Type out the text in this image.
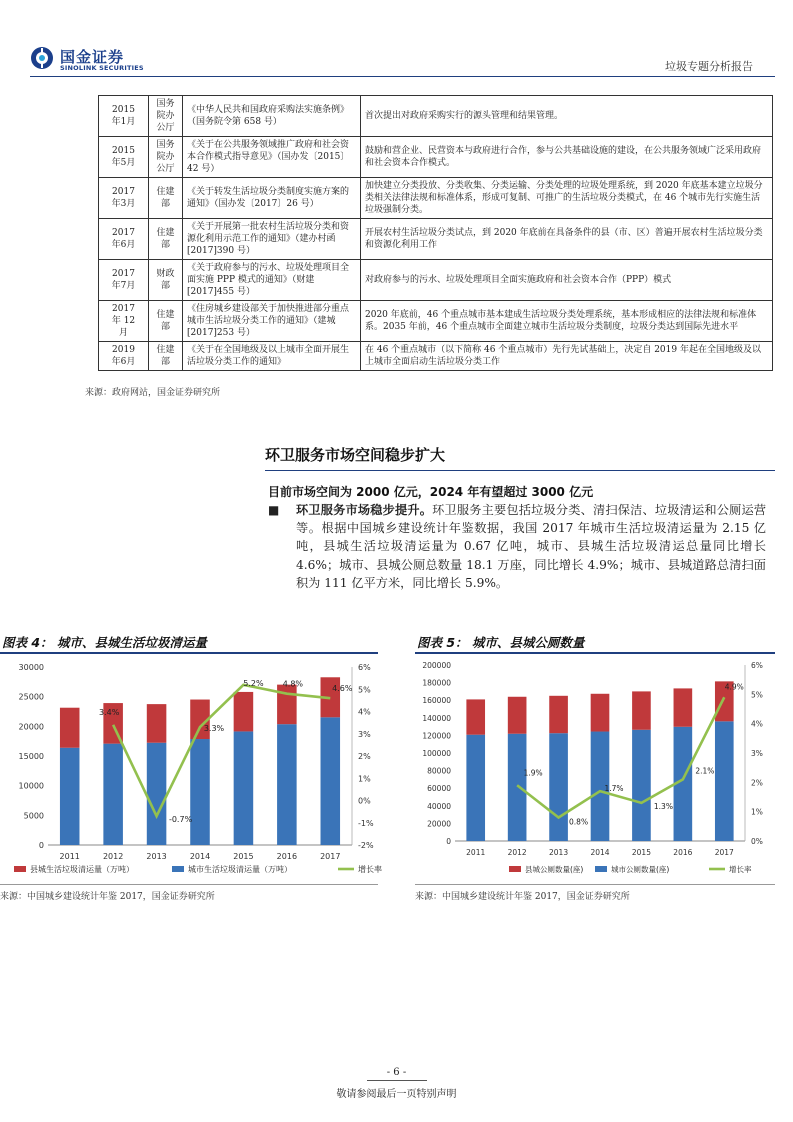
国金证券
SINOLINK SECURITIES	垃圾专题分析报告
2015
年1月	国务
院办
公厅	《中华人民共和国政府采购法实施条例》（国务院令第 658 号）	首次提出对政府采购实行的源头管理和结果管理。
2015
年5月	国务
院办
公厅	《关于在公共服务领域推广政府和社会资本合作模式指导意见》（国办发〔2015〕42 号）	鼓励和营企业、民营资本与政府进行合作，参与公共基础设施的建设，在公共服务领域广泛采用政府和社会资本合作模式。
2017
年3月	住建
部	《关于转发生活垃圾分类制度实施方案的通知》（国办发〔2017〕26 号）	加快建立分类投放、分类收集、分类运输、分类处理的垃圾处理系统，到 2020 年底基本建立垃圾分类相关法律法规和标准体系，形成可复制、可推广的生活垃圾分类模式，在 46 个城市先行实施生活垃圾强制分类。
2017
年6月	住建
部	《关于开展第一批农村生活垃圾分类和资源化利用示范工作的通知》（建办村函[2017]390 号）	开展农村生活垃圾分类试点，到 2020 年底前在具备条件的县（市、区）普遍开展农村生活垃圾分类和资源化利用工作
2017
年7月	财政
部	《关于政府参与的污水、垃圾处理项目全面实施 PPP 模式的通知》（财建[2017]455 号）	对政府参与的污水、垃圾处理项目全面实施政府和社会资本合作（PPP）模式
2017
年 12
月	住建
部	《住房城乡建设部关于加快推进部分重点城市生活垃圾分类工作的通知》（建城[2017]253 号）	2020 年底前，46 个重点城市基本建成生活垃圾分类处理系统，基本形成相应的法律法规和标准体系。2035 年前，46 个重点城市全面建立城市生活垃圾分类制度，垃圾分类达到国际先进水平
2019
年6月	住建
部	《关于在全国地级及以上城市全面开展生活垃圾分类工作的通知》	在 46 个重点城市（以下简称 46 个重点城市）先行先试基础上，决定自 2019 年起在全国地级及以上城市全面启动生活垃圾分类工作
来源：政府网站，国金证券研究所
环卫服务市场空间稳步扩大
目前市场空间为 2000 亿元，2024 年有望超过 3000 亿元
■ 环卫服务市场稳步提升。环卫服务主要包括垃圾分类、清扫保洁、垃圾清运和公厕运营等。根据中国城乡建设统计年鉴数据，我国 2017 年城市生活垃圾清运量为 2.15 亿吨，县城生活垃圾清运量为 0.67 亿吨，城市、县城生活垃圾清运总量同比增长 4.6%；城市、县城公厕总数量 18.1 万座，同比增长 4.9%；城市、县城道路总清扫面积为 111 亿平方米，同比增长 5.9%。
图表 4： 城市、县城生活垃圾清运量
0
5000
10000
15000
20000
25000
30000
-2%
-1%
0%
1%
2%
3%
4%
5%
6%
2011	2012	2013	2014	2015	2016	2017
3.4%
-0.7%
3.3%
5.2% 4.8%	4.6%
县城生活垃圾清运量（万吨）	城市生活垃圾清运量（万吨）	增长率
来源：中国城乡建设统计年鉴 2017，国金证券研究所
图表 5： 城市、县城公厕数量
0
20000
40000
60000
80000
100000
120000
140000
160000
180000
200000
0%
1%
2%
3%
4%
5%
6%
2011	2012	2013	2014	2015	2016	2017
1.9%
0.8%
1.7%
1.3%
2.1%
4.9%
县城公厕数量(座)	城市公厕数量(座)	增长率
来源：中国城乡建设统计年鉴 2017，国金证券研究所
- 6 -
敬请参阅最后一页特别声明
